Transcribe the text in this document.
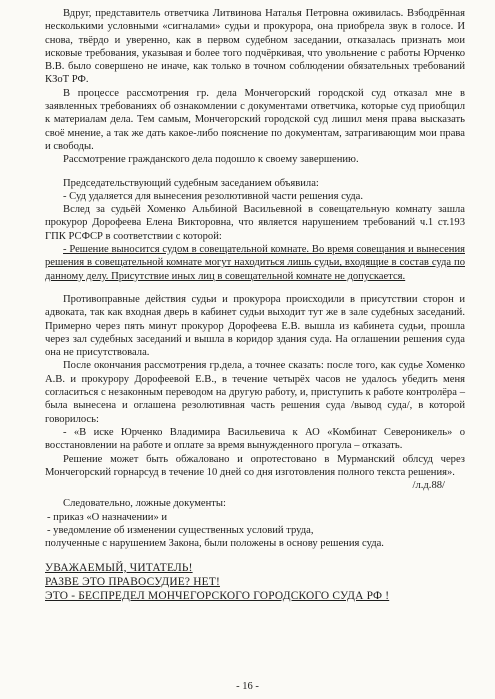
Вдруг, представитель ответчика Литвинова Наталья Петровна оживилась. Взбодрённая несколькими условными «сигналами» судьи и прокурора, она приобрела звук в голосе. И снова, твёрдо и уверенно, как в первом судебном заседании, отказалась признать мои исковые требования, указывая и более того подчёркивая, что увольнение с работы Юрченко В.В. было совершено не иначе, как только в точном соблюдении обязательных требований КЗоТ РФ.

В процессе рассмотрения гр. дела Мончегорский городской суд отказал мне в заявленных требованиях об ознакомлении с документами ответчика, которые суд приобщил к материалам дела. Тем самым, Мончегорский городской суд лишил меня права высказать своё мнение, а так же дать какое-либо пояснение по документам, затрагивающим мои права и свободы.

Рассмотрение гражданского дела подошло к своему завершению.

Председательствующий судебным заседанием объявила:

- Суд удаляется для вынесения резолютивной части решения суда.

Вслед за судьёй Хоменко Альбиной Васильевной в совещательную комнату зашла прокурор Дорофеева Елена Викторовна, что является нарушением требований ч.1 ст.193 ГПК РСФСР в соответствии с которой:

- Решение выносится судом в совещательной комнате. Во время совещания и вынесения решения в совещательной комнате могут находиться лишь судьи, входящие в состав суда по данному делу. Присутствие иных лиц в совещательной комнате не допускается.

Противоправные действия судьи и прокурора происходили в присутствии сторон и адвоката, так как входная дверь в кабинет судьи выходит тут же в зале судебных заседаний. Примерно через пять минут прокурор Дорофеева Е.В. вышла из кабинета судьи, прошла через зал судебных заседаний и вышла в коридор здания суда. На оглашении решения суда она не присутствовала.

После окончания рассмотрения гр.дела, а точнее сказать: после того, как судье Хоменко А.В. и прокурору Дорофеевой Е.В., в течение четырёх часов не удалось убедить меня согласиться с незаконным переводом на другую работу, и, приступить к работе контролёра – была вынесена и оглашена резолютивная часть решения суда /вывод суда/, в которой говорилось:

- «В иске Юрченко Владимира Васильевича к АО «Комбинат Североникель» о восстановлении на работе и оплате за время вынужденного прогула – отказать.

Решение может быть обжаловано и опротестовано в Мурманский облсуд через Мончегорский горнарсуд в течение 10 дней со дня изготовления полного текста решения».

/л.д.88/

Следовательно, ложные документы:

- приказ «О назначении» и

- уведомление об изменении существенных условий труда,

полученные с нарушением Закона, были положены в основу решения суда.

УВАЖАЕМЫЙ, ЧИТАТЕЛЬ!

РАЗВЕ ЭТО ПРАВОСУДИЕ? НЕТ!

ЭТО - БЕСПРЕДЕЛ МОНЧЕГОРСКОГО ГОРОДСКОГО СУДА РФ !

- 16 -
